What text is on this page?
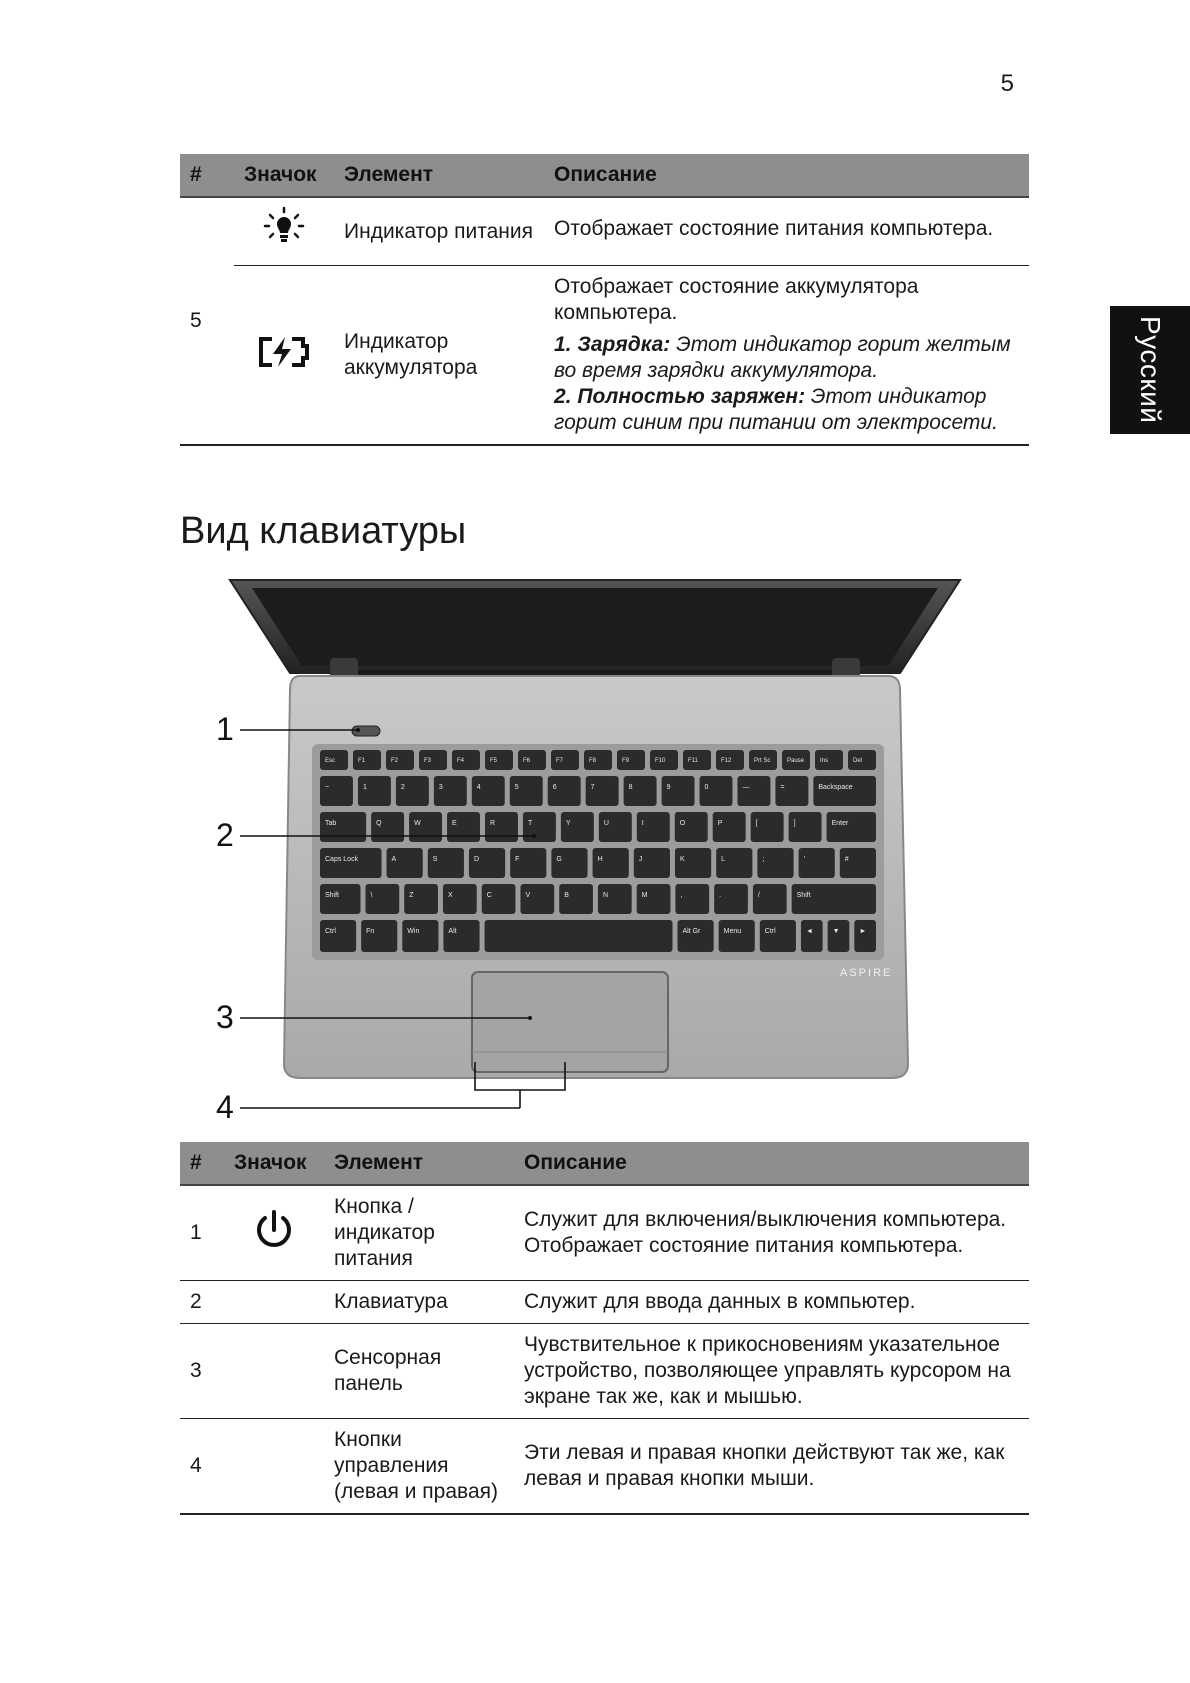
5
Русский
#	Значок	Элемент	Описание
5		Индикатор питания	Отображает состояние питания компьютера.
	Индикатор аккумулятора	Отображает состояние аккумулятора компьютера.
1. Зарядка: Этот индикатор горит желтым во время зарядки аккумулятора.
2. Полностью заряжен: Этот индикатор горит синим при питании от электросети.
Вид клавиатуры
Esc	F1	F2	F3	F4	F5	F6	F7	F8	F9	F10	F11	F12	Prt Sc	Pause	Ins	Del
~	1	2	3	4	5	6	7	8	9	0	—	=	Backspace
Tab	Q	W	E	R	T	Y	U	I	O	P	[	]	Enter
Caps Lock	A	S	D	F	G	H	J	K	L	;	'	#
Shift	\	Z	X	C	V	B	N	M	,	.	/	Shift
Ctrl	Fn	Win	Alt	Alt Gr	Menu	Ctrl	◄	▼	►
ASPIRE
1
2
3
4
#	Значок	Элемент	Описание
1		Кнопка / индикатор питания	Служит для включения/выключения компьютера. Отображает состояние питания компьютера.
2		Клавиатура	Служит для ввода данных в компьютер.
3		Сенсорная панель	Чувствительное к прикосновениям указательное устройство, позволяющее управлять курсором на экране так же, как и мышью.
4		Кнопки управления (левая и правая)	Эти левая и правая кнопки действуют так же, как левая и правая кнопки мыши.
